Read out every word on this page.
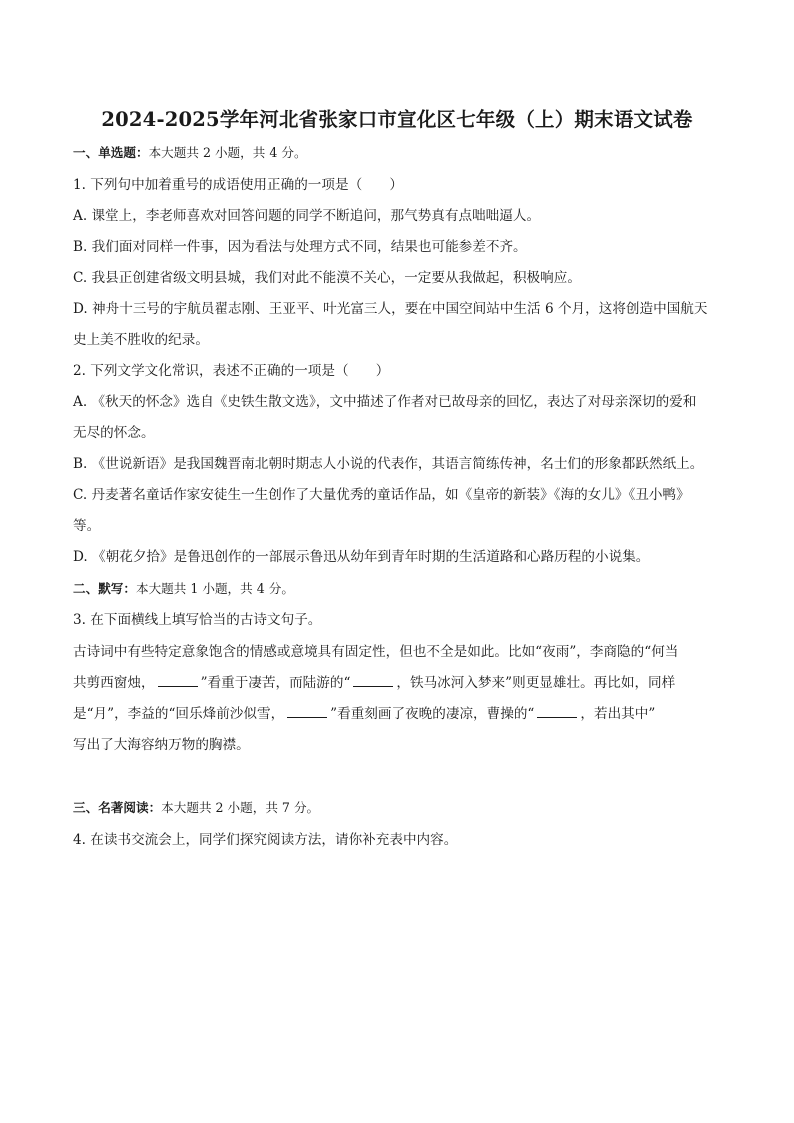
2024-2025学年河北省张家口市宣化区七年级（上）期末语文试卷
一、单选题：本大题共 2 小题，共 4 分。
1. 下列句中加着重号的成语使用正确的一项是（　　）
A. 课堂上，李老师喜欢对回答问题的同学不断追问，那气势真有点咄咄逼人。
B. 我们面对同样一件事，因为看法与处理方式不同，结果也可能参差不齐。
C. 我县正创建省级文明县城，我们对此不能漠不关心，一定要从我做起，积极响应。
D. 神舟十三号的宇航员翟志刚、王亚平、叶光富三人，要在中国空间站中生活 6 个月，这将创造中国航天
史上美不胜收的纪录。
2. 下列文学文化常识，表述不正确的一项是（　　）
A. 《秋天的怀念》选自《史铁生散文选》，文中描述了作者对已故母亲的回忆，表达了对母亲深切的爱和
无尽的怀念。
B. 《世说新语》是我国魏晋南北朝时期志人小说的代表作，其语言简练传神，名士们的形象都跃然纸上。
C. 丹麦著名童话作家安徒生一生创作了大量优秀的童话作品，如《皇帝的新装》《海的女儿》《丑小鸭》
等。
D. 《朝花夕拾》是鲁迅创作的一部展示鲁迅从幼年到青年时期的生活道路和心路历程的小说集。
二、默写：本大题共 1 小题，共 4 分。
3. 在下面横线上填写恰当的古诗文句子。
古诗词中有些特定意象饱含的情感或意境具有固定性，但也不全是如此。比如“夜雨”，李商隐的“何当
共剪西窗烛，	”看重于凄苦，而陆游的“	，铁马冰河入梦来”则更显雄壮。再比如，同样
是“月”，李益的“回乐烽前沙似雪，	”看重刻画了夜晚的凄凉，曹操的“	，若出其中”
写出了大海容纳万物的胸襟。
三、名著阅读：本大题共 2 小题，共 7 分。
4. 在读书交流会上，同学们探究阅读方法，请你补充表中内容。
